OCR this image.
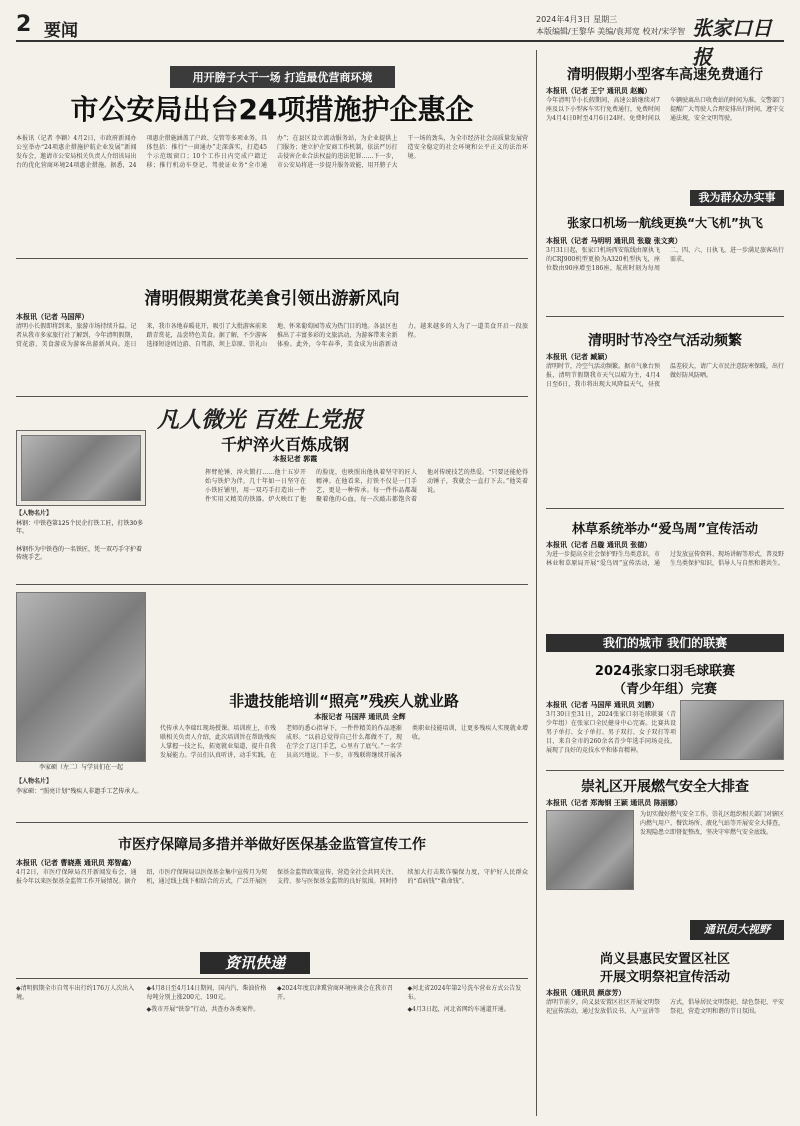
2 要闻
2024年4月3日 星期三
本版编辑/王黎华 美编/袁邦宽 校对/宋学智 张家口日报
用开膀子大干一场 打造最优营商环境
市公安局出台24项措施护企惠企
本报讯（记者 李颖）4月2日，市政府新闻办公室举办“24项惠企措施护航企业发展”新闻发布会，邀请市公安局相关负责人介绍该局出台的优化营商环境24项惠企措施。据悉，24项惠企措施涵盖了户政、交管等多项业务，具体包括：推行“一窗通办”走深落实，打造45个示范级窗口；10个工作日内完成户籍迁移；推行机动车登记、驾驶证业务“全市通办”；在县区设立流动服务站，为企业提供上门服务；建立护企安商工作机制，依法严厉打击侵害企业合法权益的违法犯罪……下一步，市公安局将进一步提升服务效能，用开膀子大干一场的劲头，为全市经济社会高质量发展营造安全稳定的社会环境和公平正义的法治环境。
清明假期赏花美食引领出游新风向
本报讯（记者 马国萍）
清明小长假即将到来，旅游市场持续升温。记者从我市多家旅行社了解到，今年清明假期，赏花游、美食游成为游客出游新风向。连日来，我市各地春暖花开，吸引了大批游客前来踏青赏花，品尝特色美食。据了解，不少游客选择短途周边游、自驾游，坝上草原、崇礼山地、怀来葡萄园等成为热门目的地。各县区也推出了丰富多彩的文旅活动，为游客带来全新体验。此外，今年春季，美食成为出游新动力，越来越多的人为了一道美食开启一段旅程。
凡人微光 百姓上党报
千炉淬火百炼成钢
本报记者 郭霞
【人物名片】
林钢：中铁巷第125个民企打铁工匠，打铁30多年。
林钢作为中铁巷的一名铁匠，凭一双巧手守护着传统手艺。
挥臂抡锤、淬火锻打……他十五岁开始与铁炉为伴，几十年如一日坚守在小铁匠铺里，用一双巧手打造出一件件实用又精美的铁器。炉火映红了他的脸庞，也映照出他执着坚守的匠人精神。在他看来，打铁不仅是一门手艺，更是一种传承。每一件作品都凝聚着他的心血，每一次敲击都饱含着他对传统技艺的热爱。“只要还能抡得动锤子，我就会一直打下去。”他笑着说。
李家硕（左二）与学员们在一起
【人物名片】
李家硕：“照亮计划”残疾人非遗手工艺传承人。
非遗技能培训“照亮”残疾人就业路
本报记者 马国萍 通讯员 全辉
代传承人李瑞红现场授课。培训班上，市残联相关负责人介绍，此次培训旨在帮助残疾人掌握一技之长，拓宽就业渠道，提升自我发展能力。学员们认真听讲，动手实践，在老师的悉心指导下，一件件精美的作品逐渐成形。“以前总觉得自己什么都做不了，现在学会了这门手艺，心里有了底气。”一名学员高兴地说。下一步，市残联将继续开展各类职业技能培训，让更多残疾人实现就业增收。
市医疗保障局多措并举做好医保基金监管宣传工作
本报讯（记者 曹晓燕 通讯员 郑智鑫）
4月2日，市医疗保障局召开新闻发布会，通报今年以来医保基金监管工作开展情况。据介绍，市医疗保障局以医保基金集中宣传月为契机，通过线上线下相结合的方式，广泛开展医保基金监管政策宣传，营造全社会共同关注、支持、参与医保基金监管的良好氛围。同时持续加大打击欺诈骗保力度，守护好人民群众的“看病钱”“救命钱”。
资讯快递
◆清明假期全市自驾车出行约176万人次出入境。
◆4月8日至4月14日期间，国内汽、柴油价格每吨分别上涨200元、190元。
◆我市开展“铁拳”行动，共查办各类案件。
◆2024年度京津冀营商环境座谈会在我市召开。
◆河北省2024年第2号洗车营业方式公告发布。
◆4月3日起，河北省网约车通道开通。
清明假期小型客车高速免费通行
本报讯（记者 王宁 通讯员 赵巍）
今年清明节小长假期间，高速公路继续对7座及以下小型客车实行免费通行，免费时间为4月4日0时至4月6日24时。免费时间以车辆驶离出口收费站的时间为准。交警部门提醒广大驾驶人合理安排出行时间，遵守交通法规，安全文明驾驶。
我为群众办实事
张家口机场一航线更换“大飞机”执飞
本报讯（记者 马明明 通讯员 张璇 张文爽）
3月31日起，张家口机场西安航线由原执飞的CRJ900机型更换为A320机型执飞，座位数由90座增至186座，航班时刻为每周二、四、六、日执飞，进一步满足旅客出行需求。
清明时节冷空气活动频繁
本报讯（记者 臧颖）
清明时节，冷空气活动频繁。据市气象台预报，清明节假期我市天气以晴为主，4月4日至6日，我市将出现大风降温天气，昼夜温差较大，请广大市民注意防寒保暖，出行做好防风防晒。
林草系统举办“爱鸟周”宣传活动
本报讯（记者 吕璇 通讯员 张德）
为进一步提高全社会保护野生鸟类意识，市林业和草原局开展“爱鸟周”宣传活动，通过发放宣传资料、现场讲解等形式，普及野生鸟类保护知识，倡导人与自然和谐共生。
我们的城市 我们的联赛
2024张家口羽毛球联赛
（青少年组）完赛
本报讯（记者 马国萍 通讯员 刘鹏）
3月30日至31日，2024张家口羽毛球联赛（青少年组）在张家口全民健身中心完赛。比赛共设男子单打、女子单打、男子双打、女子双打等项目，来自全市的260余名青少年选手同场竞技，展现了良好的竞技水平和体育精神。
崇礼区开展燃气安全大排查
本报讯（记者 郑海钢 王颖 通讯员 陈丽娜）
为切实做好燃气安全工作，崇礼区组织相关部门对辖区内燃气用户、餐饮场所、液化气站等开展安全大排查，发现隐患立即督促整改，坚决守牢燃气安全底线。
通讯员大视野
尚义县惠民安置区社区
开展文明祭祀宣传活动
本报讯（通讯员 颜彦芳）
清明节前夕，尚义县安置区社区开展文明祭祀宣传活动，通过发放倡议书、入户宣讲等方式，倡导居民文明祭祀、绿色祭祀、平安祭祀，营造文明和谐的节日氛围。
